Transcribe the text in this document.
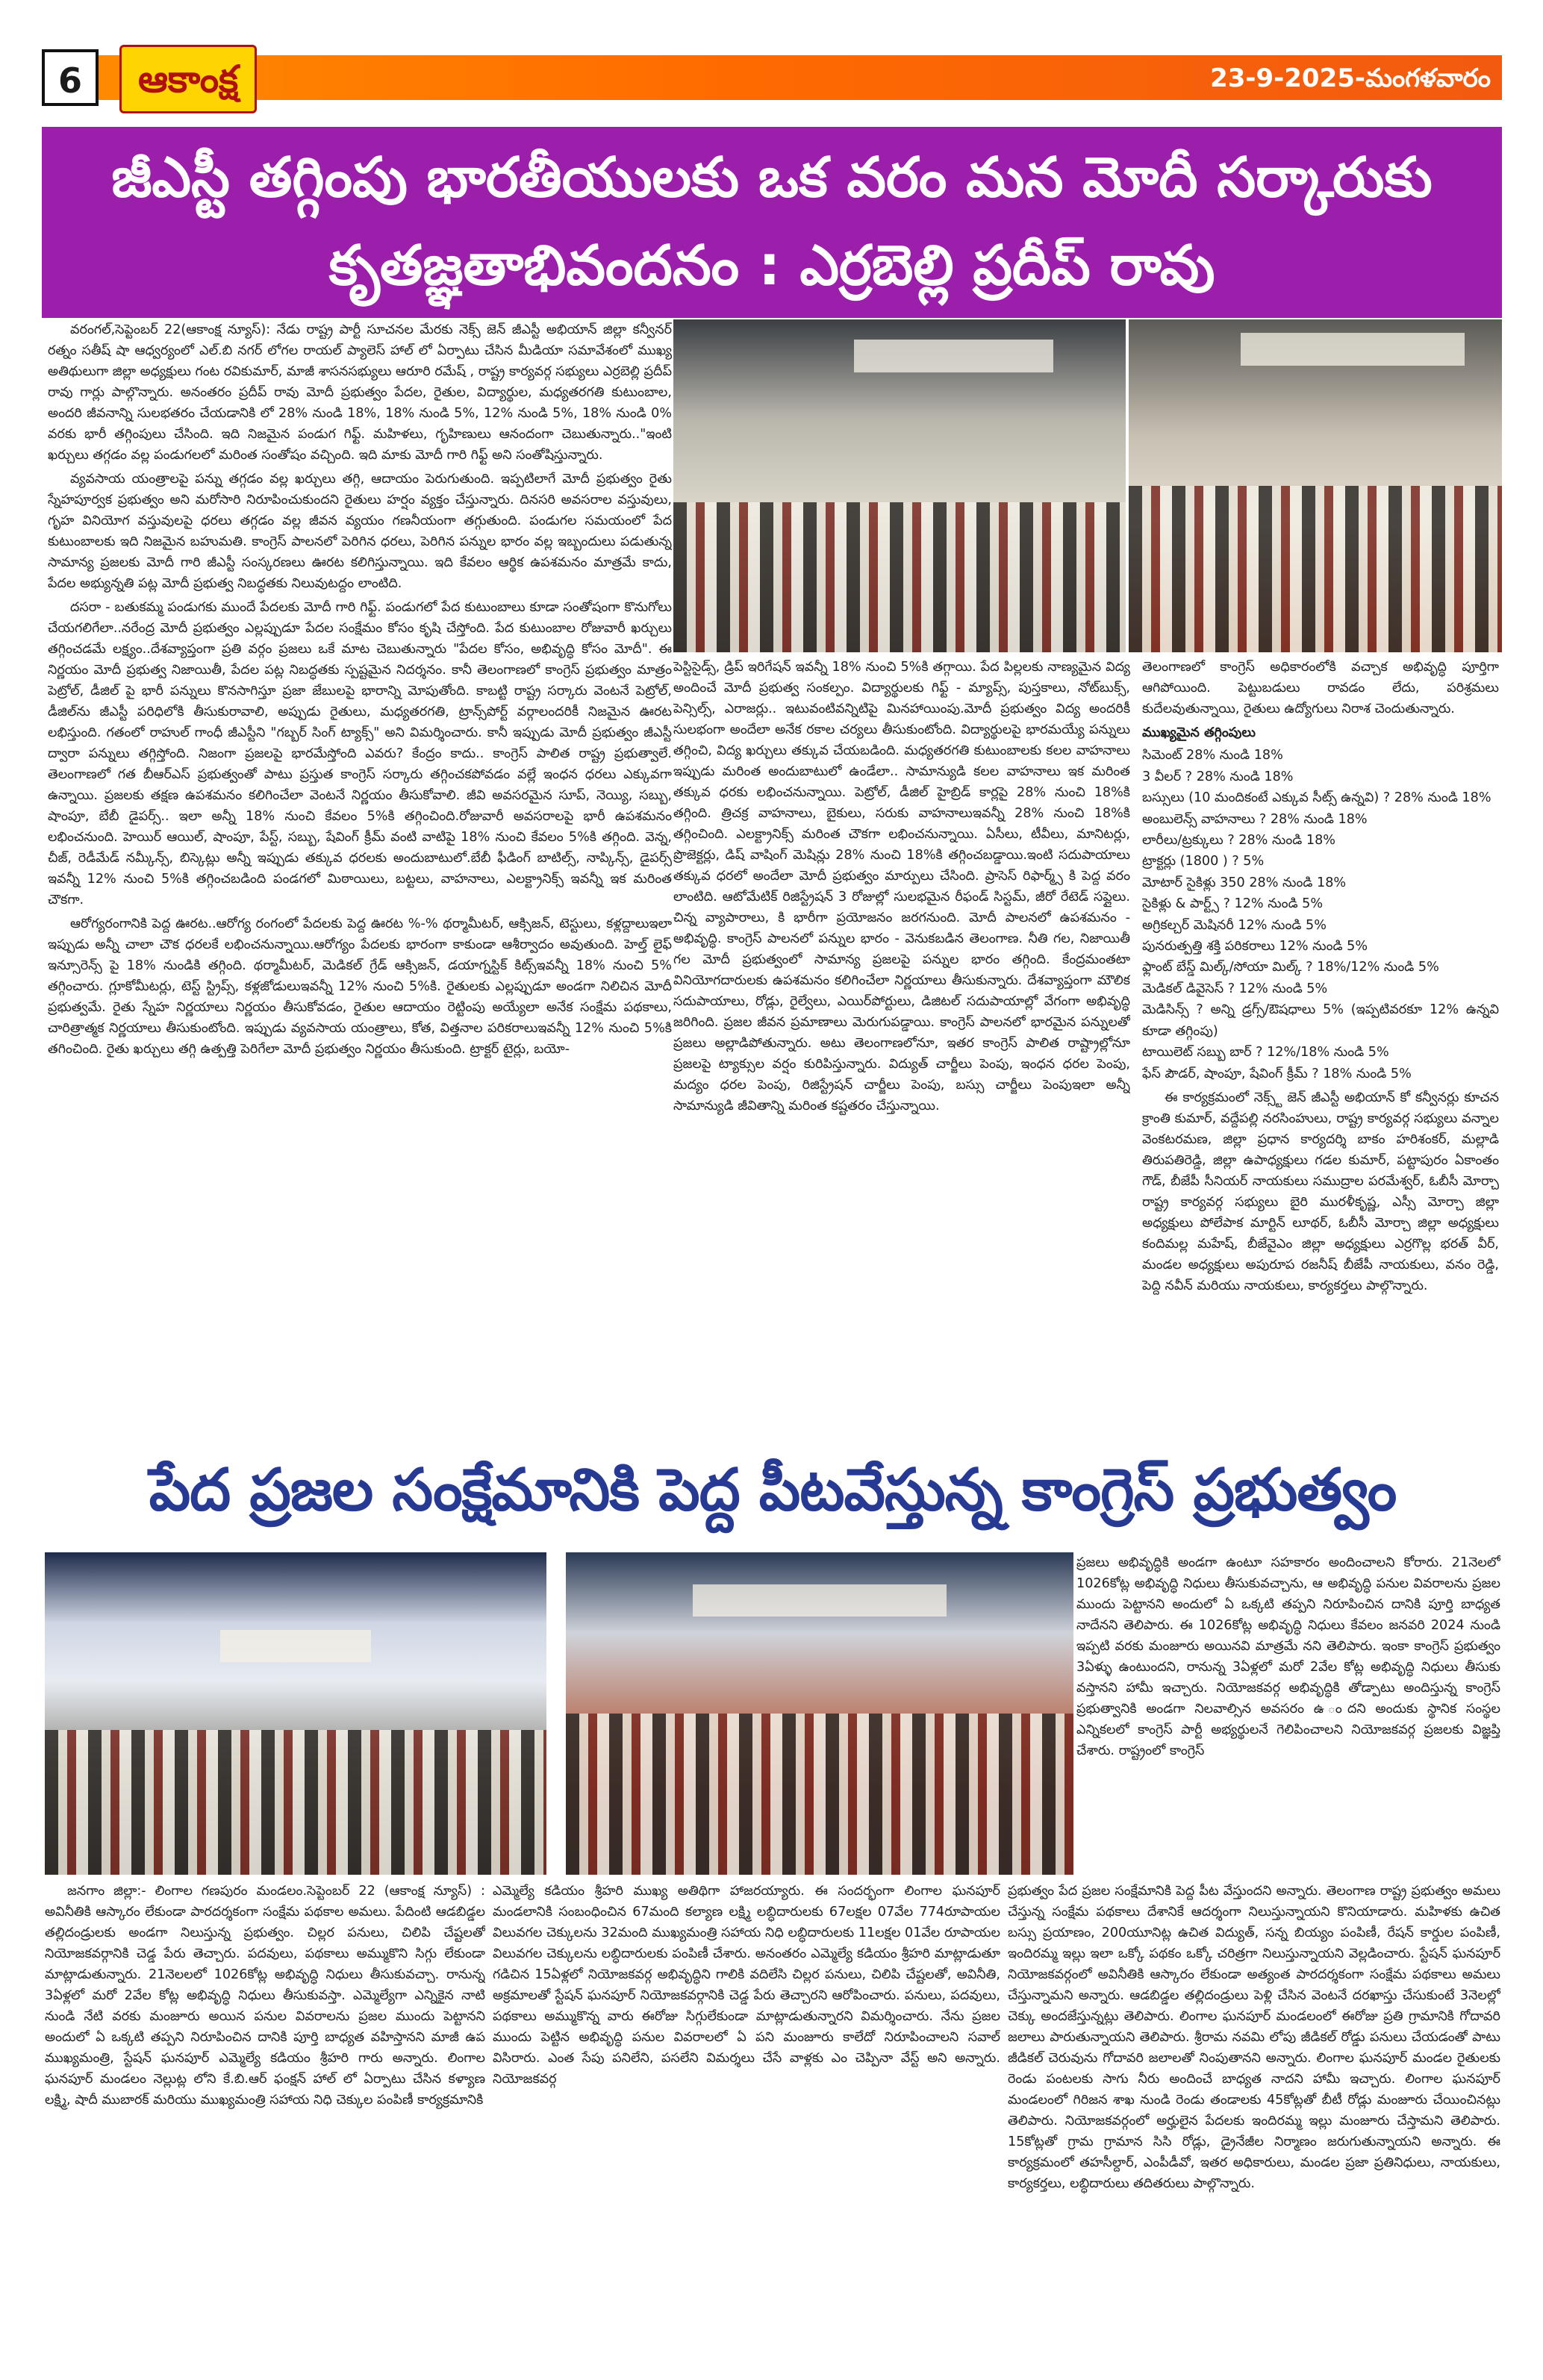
6	ఆకాంక్ష	23-9-2025-మంగళవారం
జీఎస్టీ తగ్గింపు భారతీయులకు ఒక వరం మన మోదీ సర్కారుకు
కృతజ్ఞతాభివందనం : ఎర్రబెల్లి ప్రదీప్ రావు

వరంగల్,సెప్టెంబర్ 22(ఆకాంక్ష న్యూస్): నేడు రాష్ట్ర పార్టీ సూచనల మేరకు నెక్స్ జెన్ జీఎస్టీ అభియాన్ జిల్లా కన్వీనర్ రత్నం సతీష్ షా ఆధ్వర్యంలో ఎల్.బి నగర్ లోగల రాయల్ ప్యాలెస్ హాల్ లో ఏర్పాటు చేసిన మీడియా సమావేశంలో ముఖ్య అతిథులుగా జిల్లా అధ్యక్షులు గంట రవికుమార్, మాజీ శాసనసభ్యులు ఆరూరి రమేష్ , రాష్ట్ర కార్యవర్గ సభ్యులు ఎర్రబెల్లి ప్రదీప్ రావు గార్లు పాల్గొన్నారు. అనంతరం ప్రదీప్ రావు మోదీ ప్రభుత్వం పేదల, రైతుల, విద్యార్థుల, మధ్యతరగతి కుటుంబాల, అందరి జీవనాన్ని సులభతరం చేయడానికి లో 28% నుండి 18%, 18% నుండి 5%, 12% నుండి 5%, 18% నుండి 0% వరకు భారీ తగ్గింపులు చేసింది. ఇది నిజమైన పండుగ గిఫ్ట్. మహిళలు, గృహిణులు ఆనందంగా చెబుతున్నారు.."ఇంటి ఖర్చులు తగ్గడం వల్ల పండుగలలో మరింత సంతోషం వచ్చింది. ఇది మాకు మోదీ గారి గిఫ్ట్ అని సంతోషిస్తున్నారు.

వ్యవసాయ యంత్రాలపై పన్ను తగ్గడం వల్ల ఖర్చులు తగ్గి, ఆదాయం పెరుగుతుంది. ఇప్పటిలాగే మోదీ ప్రభుత్వం రైతు స్నేహపూర్వక ప్రభుత్వం అని మరోసారి నిరూపించుకుందని రైతులు హర్షం వ్యక్తం చేస్తున్నారు. దినసరి అవసరాల వస్తువులు, గృహ వినియోగ వస్తువులపై ధరలు తగ్గడం వల్ల జీవన వ్యయం గణనీయంగా తగ్గుతుంది. పండుగల సమయంలో పేద కుటుంబాలకు ఇది నిజమైన బహుమతి. కాంగ్రెస్ పాలనలో పెరిగిన ధరలు, పెరిగిన పన్నుల భారం వల్ల ఇబ్బందులు పడుతున్న సామాన్య ప్రజలకు మోదీ గారి జీఎస్టీ సంస్కరణలు ఊరట కలిగిస్తున్నాయి. ఇది కేవలం ఆర్థిక ఉపశమనం మాత్రమే కాదు, పేదల అభ్యున్నతి పట్ల మోదీ ప్రభుత్వ నిబద్ధతకు నిలువుటద్దం లాంటిది.

దసరా - బతుకమ్మ పండుగకు ముందే పేదలకు మోదీ గారి గిఫ్ట్. పండుగలో పేద కుటుంబాలు కూడా సంతోషంగా కొనుగోలు చేయగలిగేలా..నరేంద్ర మోదీ ప్రభుత్వం ఎల్లప్పుడూ పేదల సంక్షేమం కోసం కృషి చేస్తోంది. పేద కుటుంబాల రోజువారీ ఖర్చులు తగ్గించడమే లక్ష్యం..దేశవ్యాప్తంగా ప్రతి వర్గం ప్రజలు ఒకే మాట చెబుతున్నారు "పేదల కోసం, అభివృద్ధి కోసం మోదీ". ఈ నిర్ణయం మోదీ ప్రభుత్వ నిజాయితీ, పేదల పట్ల నిబద్ధతకు స్పష్టమైన నిదర్శనం. కానీ తెలంగాణలో కాంగ్రెస్ ప్రభుత్వం మాత్రం పెట్రోల్, డీజిల్ పై భారీ పన్నులు కొనసాగిస్తూ ప్రజా జేబులపై భారాన్ని మోపుతోంది. కాబట్టి రాష్ట్ర సర్కారు వెంటనే పెట్రోల్, డీజిల్‌ను జీఎస్టీ పరిధిలోకి తీసుకురావాలి, అప్పుడు రైతులు, మధ్యతరగతి, ట్రాన్స్‌పోర్ట్ వర్గాలందరికీ నిజమైన ఊరట లభిస్తుంది. గతంలో రాహుల్ గాంధీ జీఎస్టీని "గబ్బర్ సింగ్ ట్యాక్స్" అని విమర్శించారు. కానీ ఇప్పుడు మోదీ ప్రభుత్వం జీఎస్టీ ద్వారా పన్నులు తగ్గిస్తోంది. నిజంగా ప్రజలపై భారమేస్తోంది ఎవరు? కేంద్రం కాదు.. కాంగ్రెస్ పాలిత రాష్ట్ర ప్రభుత్వాలే. తెలంగాణలో గత బీఆర్ఎస్ ప్రభుత్వంతో పాటు ప్రస్తుత కాంగ్రెస్ సర్కారు తగ్గించకపోవడం వల్లే ఇంధన ధరలు ఎక్కువగా ఉన్నాయి. ప్రజలకు తక్షణ ఉపశమనం కలిగించేలా వెంటనే నిర్ణయం తీసుకోవాలి. జీవి అవసరమైన సూప్, నెయ్యి, సబ్బు, షాంపూ, బేబీ డైపర్స్.. ఇలా అన్నీ 18% నుంచి కేవలం 5%కి తగ్గించింది.రోజువారీ అవసరాలపై భారీ ఉపశమనం లభించనుంది. హెయిర్ ఆయిల్, షాంపూ, పేస్ట్, సబ్బు, షేవింగ్ క్రీమ్ వంటి వాటిపై 18% నుంచి కేవలం 5%కి తగ్గింది. వెన్న, చీజ్, రెడీమేడ్ నమ్కీన్స్, బిస్కెట్లు అన్నీ ఇప్పుడు తక్కువ ధరలకు అందుబాటులో.బేబీ ఫీడింగ్ బాటిల్స్, నాప్కిన్స్, డైపర్స్ ఇవన్నీ 12% నుంచి 5%కి తగ్గించబడింది పండగలో మిఠాయిలు, బట్టలు, వాహనాలు, ఎలక్ట్రానిక్స్ ఇవన్నీ ఇక మరింత చౌకగా.

ఆరోగ్యరంగానికి పెద్ద ఊరట..ఆరోగ్య రంగంలో పేదలకు పెద్ద ఊరట %-% థర్మామీటర్, ఆక్సిజన్, టెస్టులు, కళ్లద్దాలుఇలా ఇప్పుడు అన్నీ చాలా చౌక ధరలకే లభించనున్నాయి.ఆరోగ్యం పేదలకు భారంగా కాకుండా ఆశీర్వాదం అవుతుంది. హెల్త్ లైఫ్ ఇన్సూరెన్స్ పై 18% నుండికి తగ్గింది. థర్మామీటర్, మెడికల్ గ్రేడ్ ఆక్సిజన్, డయాగ్నస్టిక్ కిట్స్‌ఇవన్నీ 18% నుంచి 5% తగ్గించారు. గ్లూకోమీటర్లు, టెస్ట్ స్ట్రిప్స్, కళ్లజోడులుఇవన్నీ 12% నుంచి 5%కి. రైతులకు ఎల్లప్పుడూ అండగా నిలిచిన మోదీ ప్రభుత్వమే. రైతు స్నేహ నిర్ణయాలు నిర్ణయం తీసుకోవడం, రైతుల ఆదాయం రెట్టింపు అయ్యేలా అనేక సంక్షేమ పథకాలు, చారిత్రాత్మక నిర్ణయాలు తీసుకుంటోంది. ఇప్పుడు వ్యవసాయ యంత్రాలు, కోత, విత్తనాల పరికరాలుఇవన్నీ 12% నుంచి 5%కి తగించింది. రైతు ఖర్చులు తగ్గి ఉత్పత్తి పెరిగేలా మోదీ ప్రభుత్వం నిర్ణయం తీసుకుంది. ట్రాక్టర్ టైర్లు, బయో-

పెస్టిసైడ్స్, డ్రిప్ ఇరిగేషన్ ఇవన్నీ 18% నుంచి 5%కి తగ్గాయి. పేద పిల్లలకు నాణ్యమైన విద్య అందించే మోదీ ప్రభుత్వ సంకల్పం. విద్యార్థులకు గిఫ్ట్ - మ్యాప్స్, పుస్తకాలు, నోట్‌బుక్స్, పెన్సిల్స్, ఎరాజర్లు.. ఇటువంటివన్నిటిపై మినహాయింపు.మోదీ ప్రభుత్వం విద్య అందరికీ సులభంగా అందేలా అనేక రకాల చర్యలు తీసుకుంటోంది. విద్యార్థులపై భారమయ్యే పన్నులు తగ్గించి, విద్య ఖర్చులు తక్కువ చేయబడింది. మధ్యతరగతి కుటుంబాలకు కలల వాహనాలు ఇప్పుడు మరింత అందుబాటులో ఉండేలా.. సామాన్యుడి కలల వాహనాలు ఇక మరింత తక్కువ ధరకు లభించనున్నాయి. పెట్రోల్, డీజిల్ హైబ్రిడ్ కార్లపై 28% నుంచి 18%కి తగ్గింది. త్రిచక్ర వాహనాలు, బైకులు, సరుకు వాహనాలుఇవన్నీ 28% నుంచి 18%కి తగ్గించింది. ఎలక్ట్రానిక్స్ మరింత చౌకగా లభించనున్నాయి. ఏసీలు, టీవీలు, మానిటర్లు, ప్రొజెక్టర్లు, డిష్ వాషింగ్ మెషిన్లు 28% నుంచి 18%కి తగ్గించబడ్డాయి.ఇంటి సదుపాయాలు తక్కువ ధరలో అందేలా మోదీ ప్రభుత్వం మార్పులు చేసింది. ప్రాసెస్ రిఫార్మ్స్ కి పెద్ద వరం లాంటిది. ఆటోమేటిక్ రిజిస్ట్రేషన్ 3 రోజుల్లో సులభమైన రీఫండ్ సిస్టమ్, జీరో రేటెడ్ సప్లైలు. చిన్న వ్యాపారాలు, కి భారీగా ప్రయోజనం జరగనుంది. మోదీ పాలనలో ఉపశమనం - అభివృద్ధి. కాంగ్రెస్ పాలనలో పన్నుల భారం - వెనుకబడిన తెలంగాణ. నీతి గల, నిజాయితీ గల మోదీ ప్రభుత్వంలో సామాన్య ప్రజలపై పన్నుల భారం తగ్గింది. కేంద్రమంతటా వినియోగదారులకు ఉపశమనం కలిగించేలా నిర్ణయాలు తీసుకున్నారు. దేశవ్యాప్తంగా మౌలిక సదుపాయాలు, రోడ్లు, రైల్వేలు, ఎయిర్‌పోర్టులు, డిజిటల్ సదుపాయాల్లో వేగంగా అభివృద్ధి జరిగింది. ప్రజల జీవన ప్రమాణాలు మెరుగుపడ్డాయి. కాంగ్రెస్ పాలనలో భారమైన పన్నులతో ప్రజలు అల్లాడిపోతున్నారు. అటు తెలంగాణలోనూ, ఇతర కాంగ్రెస్ పాలిత రాష్ట్రాల్లోనూ ప్రజలపై ట్యాక్సుల వర్షం కురిపిస్తున్నారు. విద్యుత్ చార్జీలు పెంపు, ఇంధన ధరల పెంపు, మద్యం ధరల పెంపు, రిజిస్ట్రేషన్ చార్జీలు పెంపు, బస్సు చార్జీలు పెంపుఇలా అన్నీ సామాన్యుడి జీవితాన్ని మరింత కష్టతరం చేస్తున్నాయి.

తెలంగాణలో కాంగ్రెస్ అధికారంలోకి వచ్చాక అభివృద్ధి పూర్తిగా ఆగిపోయింది. పెట్టుబడులు రావడం లేదు, పరిశ్రమలు కుదేలవుతున్నాయి, రైతులు ఉద్యోగులు నిరాశ చెందుతున్నారు.

ముఖ్యమైన తగ్గింపులు
సిమెంట్ 28% నుండి 18%
3 వీలర్ ? 28% నుండి 18%
బస్సులు (10 మందికంటే ఎక్కువ సీట్స్ ఉన్నవి) ? 28% నుండి 18%
అంబులెన్స్ వాహనాలు ? 28% నుండి 18%
లారీలు/ట్రక్కులు ? 28% నుండి 18%
ట్రాక్టర్లు (1800 ) ? 5%
మోటార్ సైకిళ్లు 350 28% నుండి 18%
సైకిళ్లు & పార్ట్స్ ? 12% నుండి 5%
అగ్రికల్చర్ మెషినరీ 12% నుండి 5%
పునరుత్పత్తి శక్తి పరికరాలు 12% నుండి 5%
ఫ్లాంట్ బేస్డ్ మిల్క్/సోయా మిల్క్ ? 18%/12% నుండి 5%
మెడికల్ డివైసెస్ ? 12% నుండి 5%
మెడిసిన్స్ ? అన్ని డ్రగ్స్/ఔషధాలు 5% (ఇప్పటివరకూ 12% ఉన్నవి కూడా తగ్గింపు)
టాయిలెట్ సబ్బు బార్ ? 12%/18% నుండి 5%
ఫేస్ పౌడర్, షాంపూ, షేవింగ్ క్రీమ్ ? 18% నుండి 5%

ఈ కార్యక్రమంలో నెక్స్ట్ జెన్ జీఎస్టీ అభియాన్ కో కన్వీనర్లు కూచన క్రాంతి కుమార్, వద్దేపల్లి నరసింహులు, రాష్ట్ర కార్యవర్గ సభ్యులు వన్నాల వెంకటరమణ, జిల్లా ప్రధాన కార్యదర్శి బాకం హరిశంకర్, మల్లాడి తిరుపతిరెడ్డి, జిల్లా ఉపాధ్యక్షులు గడల కుమార్, పట్టాపురం ఏకాంతం గౌడ్, బీజేపీ సీనియర్ నాయకులు సముద్రాల పరమేశ్వర్, ఓబీసీ మోర్చా రాష్ట్ర కార్యవర్గ సభ్యులు బైరి మురళీకృష్ణ, ఎస్సీ మోర్చా జిల్లా అధ్యక్షులు పోలేపాక మార్టిన్ లూథర్, ఓబీసీ మోర్చా జిల్లా అధ్యక్షులు కందిమల్ల మహేష్, బీజేవైఎం జిల్లా అధ్యక్షులు ఎర్రగొల్ల భరత్ వీర్, మండల అధ్యక్షులు అపురూప రజనీష్ బీజేపీ నాయకులు, వనం రెడ్డి, పెద్ది నవీన్ మరియు నాయకులు, కార్యకర్తలు పాల్గొన్నారు.

పేద ప్రజల సంక్షేమానికి పెద్ద పీటవేస్తున్న కాంగ్రెస్ ప్రభుత్వం

ప్రజలు అభివృద్ధికి అండగా ఉంటూ సహకారం అందించాలని కోరారు. 21నెలలో 1026కోట్ల అభివృద్ధి నిధులు తీసుకువచ్చాను, ఆ అభివృద్ధి పనుల వివరాలను ప్రజల ముందు పెట్టానని అందులో ఏ ఒక్కటి తప్పని నిరూపించిన దానికి పూర్తి బాధ్యత నాదేనని తెలిపారు. ఈ 1026కోట్ల అభివృద్ధి నిధులు కేవలం జనవరి 2024 నుండి ఇప్పటి వరకు మంజూరు అయినవి మాత్రమే నని తెలిపారు. ఇంకా కాంగ్రెస్ ప్రభుత్వం 3ఏళ్ళు ఉంటుందని, రానున్న 3ఏళ్లలో మరో 2వేల కోట్ల అభివృద్ధి నిధులు తీసుకు వస్తానని హామీ ఇచ్చారు. నియోజకవర్గ అభివృద్ధికి తోడ్పాటు అందిస్తున్న కాంగ్రెస్ ప్రభుత్వానికి అండగా నిలవాల్సిన అవసరం ఉ ందని అందుకు స్థానిక సంస్థల ఎన్నికలలో కాంగ్రెస్ పార్టీ అభ్యర్థులనే గెలిపించాలని నియోజకవర్గ ప్రజలకు విజ్ఞప్తి చేశారు. రాష్ట్రంలో కాంగ్రెస్

జనగాం జిల్లా:- లింగాల గణపురం మండలం.సెప్టెంబర్ 22 (ఆకాంక్ష న్యూస్) : అవినీతికి ఆస్కారం లేకుండా పారదర్శకంగా సంక్షేమ పథకాల అమలు. పేదింటి ఆడబిడ్డల తల్లిదండ్రులకు అండగా నిలుస్తున్న ప్రభుత్వం. చిల్లర పనులు, చిలిపి చేష్టలతో నియోజకవర్గానికి చెడ్డ పేరు తెచ్చారు. పదవులు, పథకాలు అమ్ముకొని సిగ్గు లేకుండా మాట్లాడుతున్నారు. 21నెలలలో 1026కోట్ల అభివృద్ధి నిధులు తీసుకువచ్చా. రానున్న 3ఏళ్లలో మరో 2వేల కోట్ల అభివృద్ధి నిధులు తీసుకువస్తా. ఎమ్మెల్యేగా ఎన్నికైన నాటి నుండి నేటి వరకు మంజూరు అయిన పనుల వివరాలను ప్రజల ముందు పెట్టానని అందులో ఏ ఒక్కటి తప్పని నిరూపించిన దానికి పూర్తి బాధ్యత వహిస్తానని మాజీ ఉప ముఖ్యమంత్రి, స్టేషన్ ఘనపూర్ ఎమ్మెల్యే కడియం శ్రీహరి గారు అన్నారు. లింగాల ఘనపూర్ మండలం నెల్లుట్ల లోని కే.బి.ఆర్ ఫంక్షన్ హాల్ లో ఏర్పాటు చేసిన కళ్యాణ లక్ష్మి, షాదీ ముబారక్ మరియు ముఖ్యమంత్రి సహాయ నిధి చెక్కుల పంపిణీ కార్యక్రమానికి

ఎమ్మెల్యే కడియం శ్రీహరి ముఖ్య అతిథిగా హాజరయ్యారు. ఈ సందర్భంగా లింగాల ఘనపూర్ మండలానికి సంబంధించిన 67మంది కల్యాణ లక్ష్మి లబ్ధిదారులకు 67లక్షల 07వేల 774రూపాయల విలువగల చెక్కులను 32మంది ముఖ్యమంత్రి సహాయ నిధి లబ్ధిదారులకు 11లక్షల 01వేల రూపాయల విలువగల చెక్కులను లబ్ధిదారులకు పంపిణీ చేశారు. అనంతరం ఎమ్మెల్యే కడియం శ్రీహరి మాట్లాడుతూ గడిచిన 15ఏళ్లలో నియోజకవర్గ అభివృద్ధిని గాలికి వదిలేసి చిల్లర పనులు, చిలిపి చేష్టలతో, అవినీతి, అక్రమాలతో స్టేషన్ ఘనపూర్ నియోజకవర్గానికి చెడ్డ పేరు తెచ్చారని ఆరోపించారు. పనులు, పదవులు, పథకాలు అమ్ముకొన్న వారు ఈరోజు సిగ్గులేకుండా మాట్లాడుతున్నారని విమర్శించారు. నేను ప్రజల ముందు పెట్టిన అభివృద్ధి పనుల వివరాలలో ఏ పని మంజూరు కాలేదో నిరూపించాలని సవాల్ విసిరారు. ఎంత సేపు పనిలేని, పసలేని విమర్శలు చేసే వాళ్లకు ఎం చెప్పినా వేస్ట్ అని అన్నారు. నియోజకవర్గ

ప్రభుత్వం పేద ప్రజల సంక్షేమానికి పెద్ద పీట వేస్తుందని అన్నారు. తెలంగాణ రాష్ట్ర ప్రభుత్వం అమలు చేస్తున్న సంక్షేమ పథకాలు దేశానికే ఆదర్శంగా నిలుస్తున్నాయని కొనియాడారు. మహిళకు ఉచిత బస్సు ప్రయాణం, 200యూనిట్ల ఉచిత విద్యుత్, సన్న బియ్యం పంపిణీ, రేషన్ కార్డుల పంపిణీ, ఇందిరమ్మ ఇల్లు ఇలా ఒక్కో పథకం ఒక్కో చరిత్రగా నిలుస్తున్నాయని వెల్లడించారు. స్టేషన్ ఘనపూర్ నియోజకవర్గంలో అవినీతికి ఆస్కారం లేకుండా అత్యంత పారదర్శకంగా సంక్షేమ పథకాలు అమలు చేస్తున్నామని అన్నారు. ఆడబిడ్డల తల్లిదండ్రులు పెళ్లి చేసిన వెంటనే దరఖాస్తు చేసుకుంటే 3నెలల్లో చెక్కు అందజేస్తున్నట్లు తెలిపారు. లింగాల ఘనపూర్ మండలంలో ఈరోజు ప్రతి గ్రామానికి గోదావరి జలాలు పారుతున్నాయని తెలిపారు. శ్రీరామ నవమి లోపు జీడికల్ రోడ్డు పనులు చేయడంతో పాటు జీడికల్ చెరువును గోదావరి జలాలతో నింపుతానని అన్నారు. లింగాల ఘనపూర్ మండల రైతులకు రెండు పంటలకు సాగు నీరు అందించే బాధ్యత నాదని హామీ ఇచ్చారు. లింగాల ఘనపూర్ మండలంలో గిరిజన శాఖ నుండి రెండు తండాలకు 45కోట్లతో బీటీ రోడ్లు మంజూరు చేయించినట్లు తెలిపారు. నియోజకవర్గంలో అర్హులైన పేదలకు ఇందిరమ్మ ఇల్లు మంజూరు చేస్తామని తెలిపారు. 15కోట్లతో గ్రామ గ్రామాన సిసి రోడ్లు, డ్రైనేజీల నిర్మాణం జరుగుతున్నాయని అన్నారు. ఈ కార్యక్రమంలో తహసీల్దార్, ఎంపీడీవో, ఇతర అధికారులు, మండల ప్రజా ప్రతినిధులు, నాయకులు, కార్యకర్తలు, లబ్ధిదారులు తదితరులు పాల్గొన్నారు.
